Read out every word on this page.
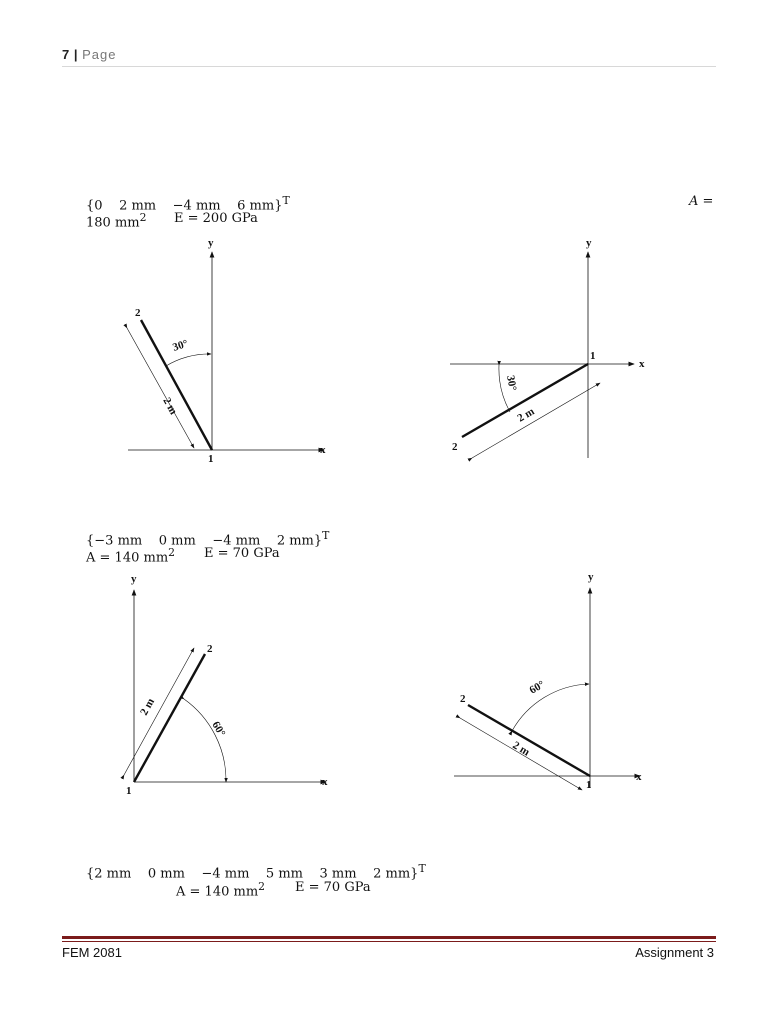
7 | Page
{0    2 mm    −4 mm    6 mm}$^T$	A =
180 $mm^2$ E = 200 GPa
y
x
1
2
2 m
30°
y
x
1
2
2 m
30°
{−3 mm    0 mm    −4 mm    2 mm}$^T$
A = 140 $mm^2$ E = 70 GPa
y
x
1
2
2 m
60°
y
x
1
2
2 m
60°
{2 mm    0 mm    −4 mm    5 mm    3 mm    2 mm}$^T$
A = 140 $mm^2$ E = 70 GPa
FEM 2081	Assignment 3
